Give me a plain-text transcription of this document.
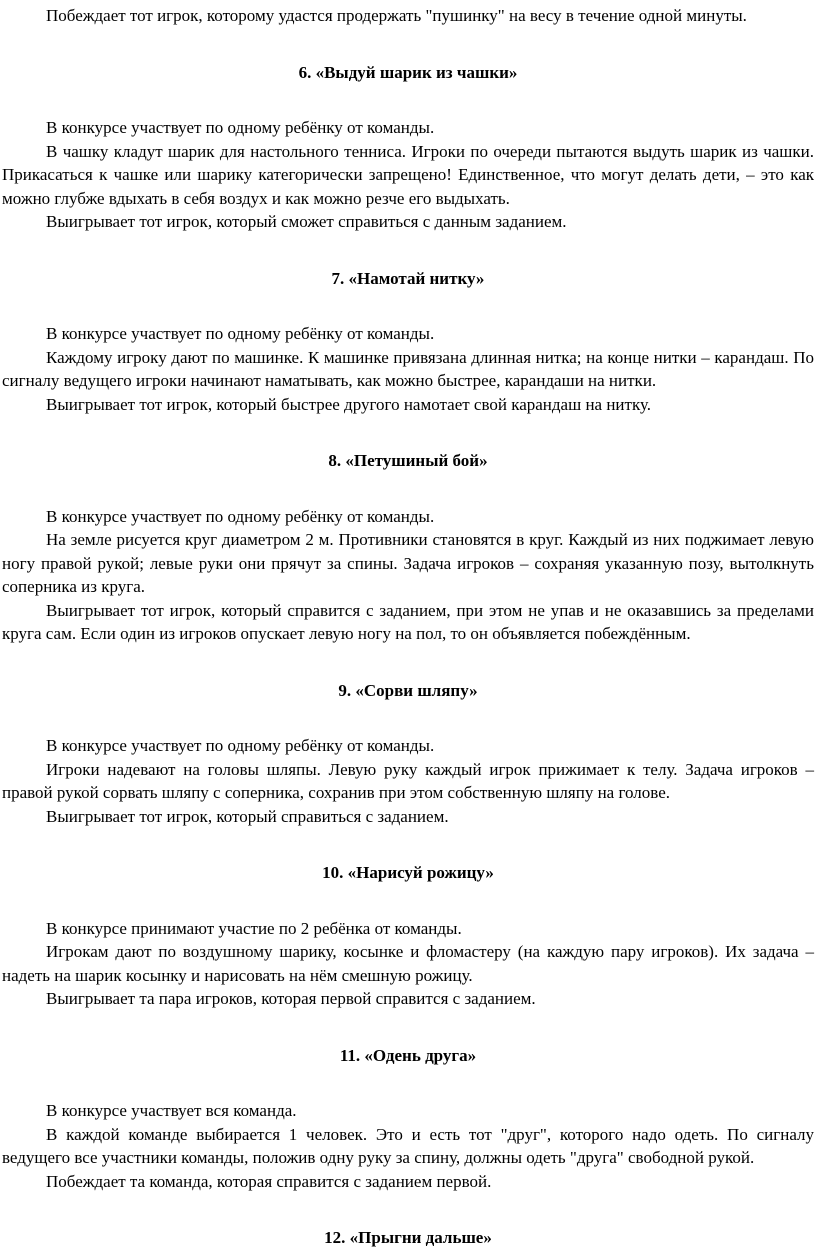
Побеждает тот игрок, которому удастся продержать "пушинку" на весу в течение одной минуты.

6. «Выдуй шарик из чашки»

В конкурсе участвует по одному ребёнку от команды.

В чашку кладут шарик для настольного тенниса. Игроки по очереди пытаются выдуть шарик из чашки. Прикасаться к чашке или шарику категорически запрещено! Единственное, что могут делать дети, – это как можно глубже вдыхать в себя воздух и как можно резче его выдыхать.

Выигрывает тот игрок, который сможет справиться с данным заданием.

7. «Намотай нитку»

В конкурсе участвует по одному ребёнку от команды.

Каждому игроку дают по машинке. К машинке привязана длинная нитка; на конце нитки – карандаш. По сигналу ведущего игроки начинают наматывать, как можно быстрее, карандаши на нитки.

Выигрывает тот игрок, который быстрее другого намотает свой карандаш на нитку.

8. «Петушиный бой»

В конкурсе участвует по одному ребёнку от команды.

На земле рисуется круг диаметром 2 м. Противники становятся в круг. Каждый из них поджимает левую ногу правой рукой; левые руки они прячут за спины. Задача игроков – сохраняя указанную позу, вытолкнуть соперника из круга.

Выигрывает тот игрок, который справится с заданием, при этом не упав и не оказавшись за пределами круга сам. Если один из игроков опускает левую ногу на пол, то он объявляется побеждённым.

9. «Сорви шляпу»

В конкурсе участвует по одному ребёнку от команды.

Игроки надевают на головы шляпы. Левую руку каждый игрок прижимает к телу. Задача игроков – правой рукой сорвать шляпу с соперника, сохранив при этом собственную шляпу на голове.

Выигрывает тот игрок, который справиться с заданием.

10. «Нарисуй рожицу»

В конкурсе принимают участие по 2 ребёнка от команды.

Игрокам дают по воздушному шарику, косынке и фломастеру (на каждую пару игроков). Их задача – надеть на шарик косынку и нарисовать на нём смешную рожицу.

Выигрывает та пара игроков, которая первой справится с заданием.

11. «Одень друга»

В конкурсе участвует вся команда.

В каждой команде выбирается 1 человек. Это и есть тот "друг", которого надо одеть. По сигналу ведущего все участники команды, положив одну руку за спину, должны одеть "друга" свободной рукой.

Побеждает та команда, которая справится с заданием первой.

12. «Прыгни дальше»
